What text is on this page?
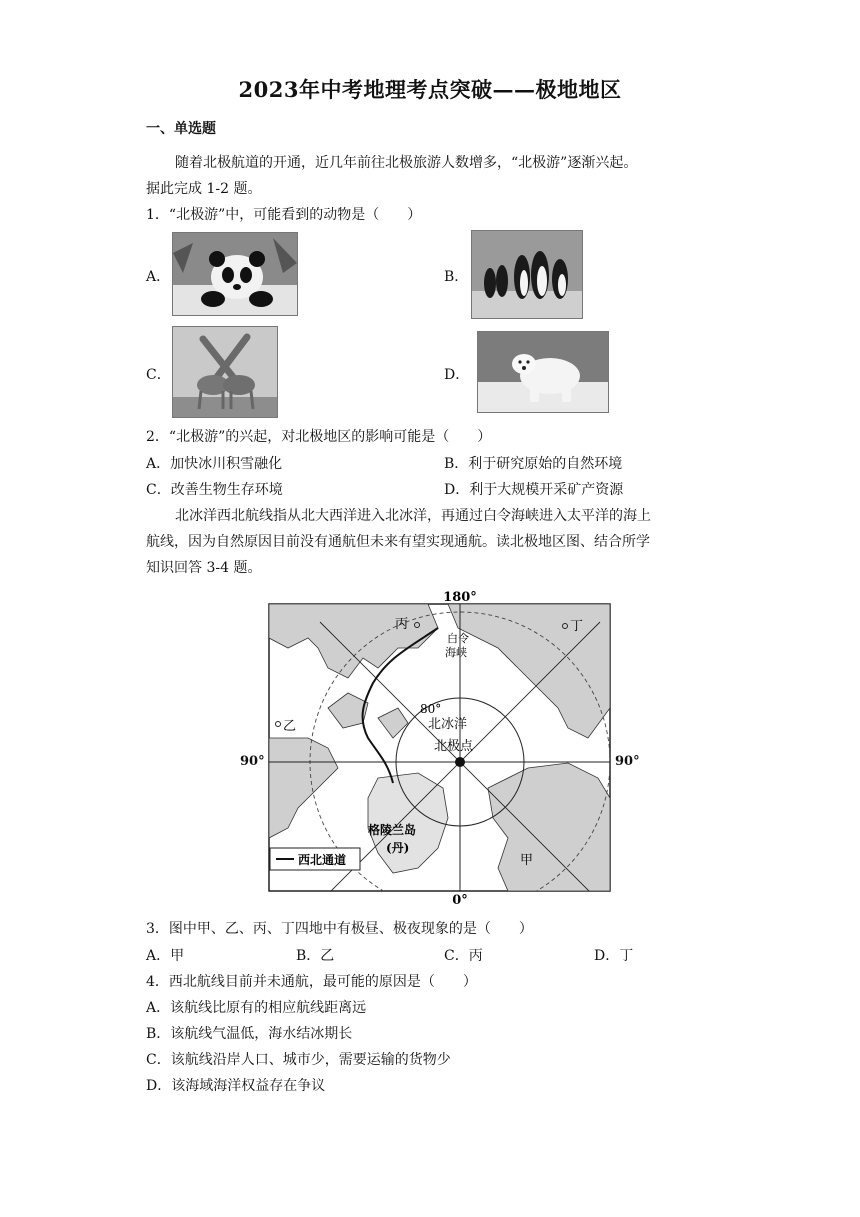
2023年中考地理考点突破——极地地区
一、单选题
随着北极航道的开通，近几年前往北极旅游人数增多，“北极游”逐渐兴起。
据此完成 1-2 题。
1．“北极游”中，可能看到的动物是（　　）
A．	B．
C．	D．
2．“北极游”的兴起，对北极地区的影响可能是（　　）
A．加快冰川积雪融化	B．利于研究原始的自然环境
C．改善生物生存环境	D．利于大规模开采矿产资源
北冰洋西北航线指从北大西洋进入北冰洋，再通过白令海峡进入太平洋的海上
航线，因为自然原因目前没有通航但未来有望实现通航。读北极地区图、结合所学
知识回答 3-4 题。
180°
0°
丙	丁
乙
甲
白令
海峡
80°
北冰洋
北极点
格陵兰岛
(丹)
西北通道
90°	90°
3．图中甲、乙、丙、丁四地中有极昼、极夜现象的是（　　）
A．甲	B．乙	C．丙	D．丁
4．西北航线目前并未通航，最可能的原因是（　　）
A．该航线比原有的相应航线距离远
B．该航线气温低，海水结冰期长
C．该航线沿岸人口、城市少，需要运输的货物少
D．该海域海洋权益存在争议
